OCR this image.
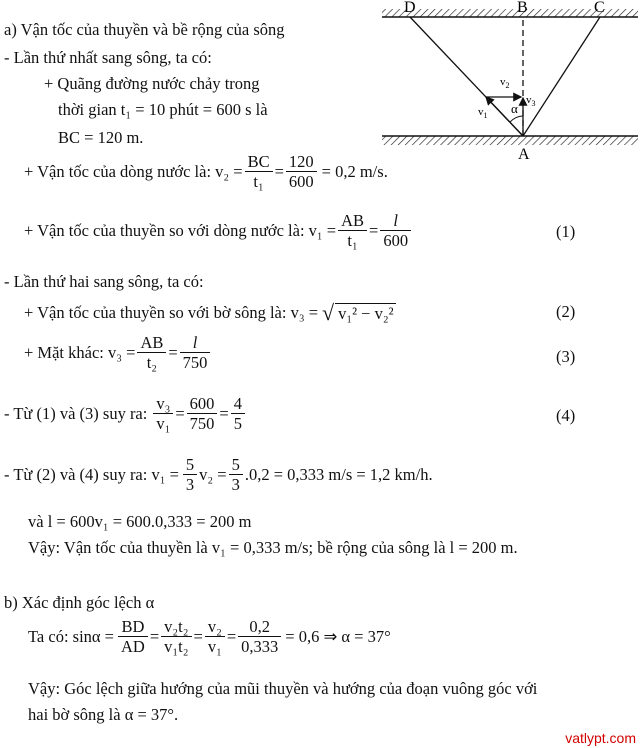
D	B	C
A
$v_1$
$v_2$
$v_3$
α
a) Vận tốc của thuyền và bề rộng của sông
- Lần thứ nhất sang sông, ta có:
+ Quãng đường nước chảy trong
thời gian t₁ = 10 phút = 600 s là
BC = 120 m.
+ Vận tốc của dòng nước là: $v_2 = \frac{BC}{\text{t₁}} = \frac{120}{600} = 0,2$ m/s.
+ Vận tốc của thuyền so với dòng nước là: $v_1 = \frac{AB}{\text{t₁}} = \frac{l}{600}$	(1)
- Lần thứ hai sang sông, ta có:
+ Vận tốc của thuyền so với bờ sông là: v₃ = √ v₁² − v₂²	(2)
+ Mặt khác: $v_3 = \frac{AB}{\text{t₂}} = \frac{l}{750}$	(3)
- Từ (1) và (3) suy ra: $\frac{\text{v₃}}{\text{v₁}} = \frac{600}{750} = \frac{4}{5}$	(4)
- Từ (2) và (4) suy ra: $v_1 = \frac{5}{3} v_2 = \frac{5}{3} .0,2 = 0,333$ m/s = 1,2 km/h.
và l = 600v₁ = 600.0,333 = 200 m
Vậy: Vận tốc của thuyền là v₁ = 0,333 m/s; bề rộng của sông là l = 200 m.
b) Xác định góc lệch α
Ta có: $\sin\alpha = \frac{BD}{AD} = \frac{\text{v₂t₂}}{\text{v₁t₂}} = \frac{\text{v₂}}{\text{v₁}} = \frac{0,2}{0,333} = 0,6$ ⇒ α = 37°
Vậy: Góc lệch giữa hướng của mũi thuyền và hướng của đoạn vuông góc với
hai bờ sông là α = 37°.
vatlypt.com
